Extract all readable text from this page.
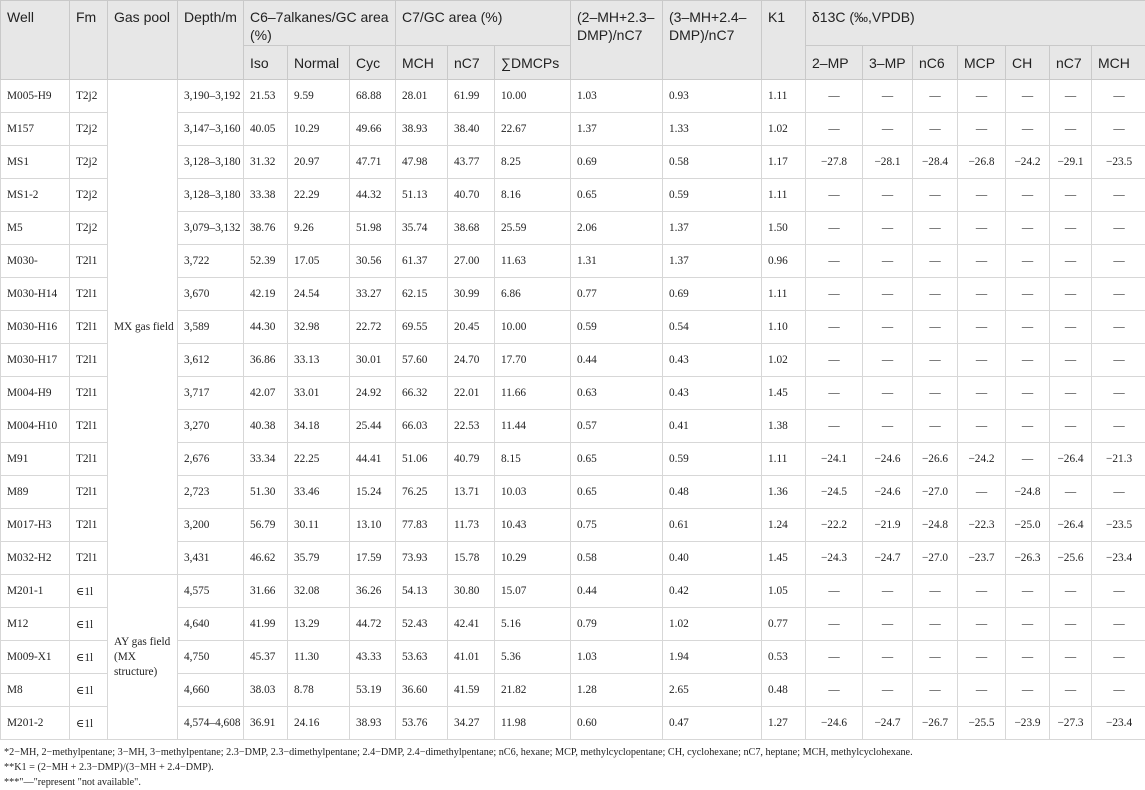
Well	Fm	Gas pool	Depth/m	C6–7alkanes/GC area (%)			C7/GC area (%)			(2–MH+2.3–DMP)/nC7	(3–MH+2.4–DMP)/nC7	K1	δ13C (‰,VPDB)						
				Iso	Normal	Cyc	MCH	nC7	∑DMCPs				2–MP	3–MP	nC6	MCP	CH	nC7	MCH
M005-H9	T2j2	MX gas field	3,190–3,192	21.53	9.59	68.88	28.01	61.99	10.00	1.03	0.93	1.11	—	—	—	—	—	—	—
M157	T2j2		3,147–3,160	40.05	10.29	49.66	38.93	38.40	22.67	1.37	1.33	1.02	—	—	—	—	—	—	—
MS1	T2j2		3,128–3,180	31.32	20.97	47.71	47.98	43.77	8.25	0.69	0.58	1.17	−27.8	−28.1	−28.4	−26.8	−24.2	−29.1	−23.5
MS1-2	T2j2		3,128–3,180	33.38	22.29	44.32	51.13	40.70	8.16	0.65	0.59	1.11	—	—	—	—	—	—	—
M5	T2j2		3,079–3,132	38.76	9.26	51.98	35.74	38.68	25.59	2.06	1.37	1.50	—	—	—	—	—	—	—
M030-	T2l1		3,722	52.39	17.05	30.56	61.37	27.00	11.63	1.31	1.37	0.96	—	—	—	—	—	—	—
M030-H14	T2l1		3,670	42.19	24.54	33.27	62.15	30.99	6.86	0.77	0.69	1.11	—	—	—	—	—	—	—
M030-H16	T2l1		3,589	44.30	32.98	22.72	69.55	20.45	10.00	0.59	0.54	1.10	—	—	—	—	—	—	—
M030-H17	T2l1		3,612	36.86	33.13	30.01	57.60	24.70	17.70	0.44	0.43	1.02	—	—	—	—	—	—	—
M004-H9	T2l1		3,717	42.07	33.01	24.92	66.32	22.01	11.66	0.63	0.43	1.45	—	—	—	—	—	—	—
M004-H10	T2l1		3,270	40.38	34.18	25.44	66.03	22.53	11.44	0.57	0.41	1.38	—	—	—	—	—	—	—
M91	T2l1		2,676	33.34	22.25	44.41	51.06	40.79	8.15	0.65	0.59	1.11	−24.1	−24.6	−26.6	−24.2	—	−26.4	−21.3
M89	T2l1		2,723	51.30	33.46	15.24	76.25	13.71	10.03	0.65	0.48	1.36	−24.5	−24.6	−27.0	—	−24.8	—	—
M017-H3	T2l1		3,200	56.79	30.11	13.10	77.83	11.73	10.43	0.75	0.61	1.24	−22.2	−21.9	−24.8	−22.3	−25.0	−26.4	−23.5
M032-H2	T2l1		3,431	46.62	35.79	17.59	73.93	15.78	10.29	0.58	0.40	1.45	−24.3	−24.7	−27.0	−23.7	−26.3	−25.6	−23.4
M201-1	∈1l	AY gas field (MX structure)	4,575	31.66	32.08	36.26	54.13	30.80	15.07	0.44	0.42	1.05	—	—	—	—	—	—	—
M12	∈1l		4,640	41.99	13.29	44.72	52.43	42.41	5.16	0.79	1.02	0.77	—	—	—	—	—	—	—
M009-X1	∈1l		4,750	45.37	11.30	43.33	53.63	41.01	5.36	1.03	1.94	0.53	—	—	—	—	—	—	—
M8	∈1l		4,660	38.03	8.78	53.19	36.60	41.59	21.82	1.28	2.65	0.48	—	—	—	—	—	—	—
M201-2	∈1l		4,574–4,608	36.91	24.16	38.93	53.76	34.27	11.98	0.60	0.47	1.27	−24.6	−24.7	−26.7	−25.5	−23.9	−27.3	−23.4
*2−MH, 2−methylpentane; 3−MH, 3−methylpentane; 2.3−DMP, 2.3−dimethylpentane; 2.4−DMP, 2.4−dimethylpentane; nC6, hexane; MCP, methylcyclopentane; CH, cyclohexane; nC7, heptane; MCH, methylcyclohexane.
**K1 = (2−MH + 2.3−DMP)/(3−MH + 2.4−DMP).
***"—"represent "not available".
